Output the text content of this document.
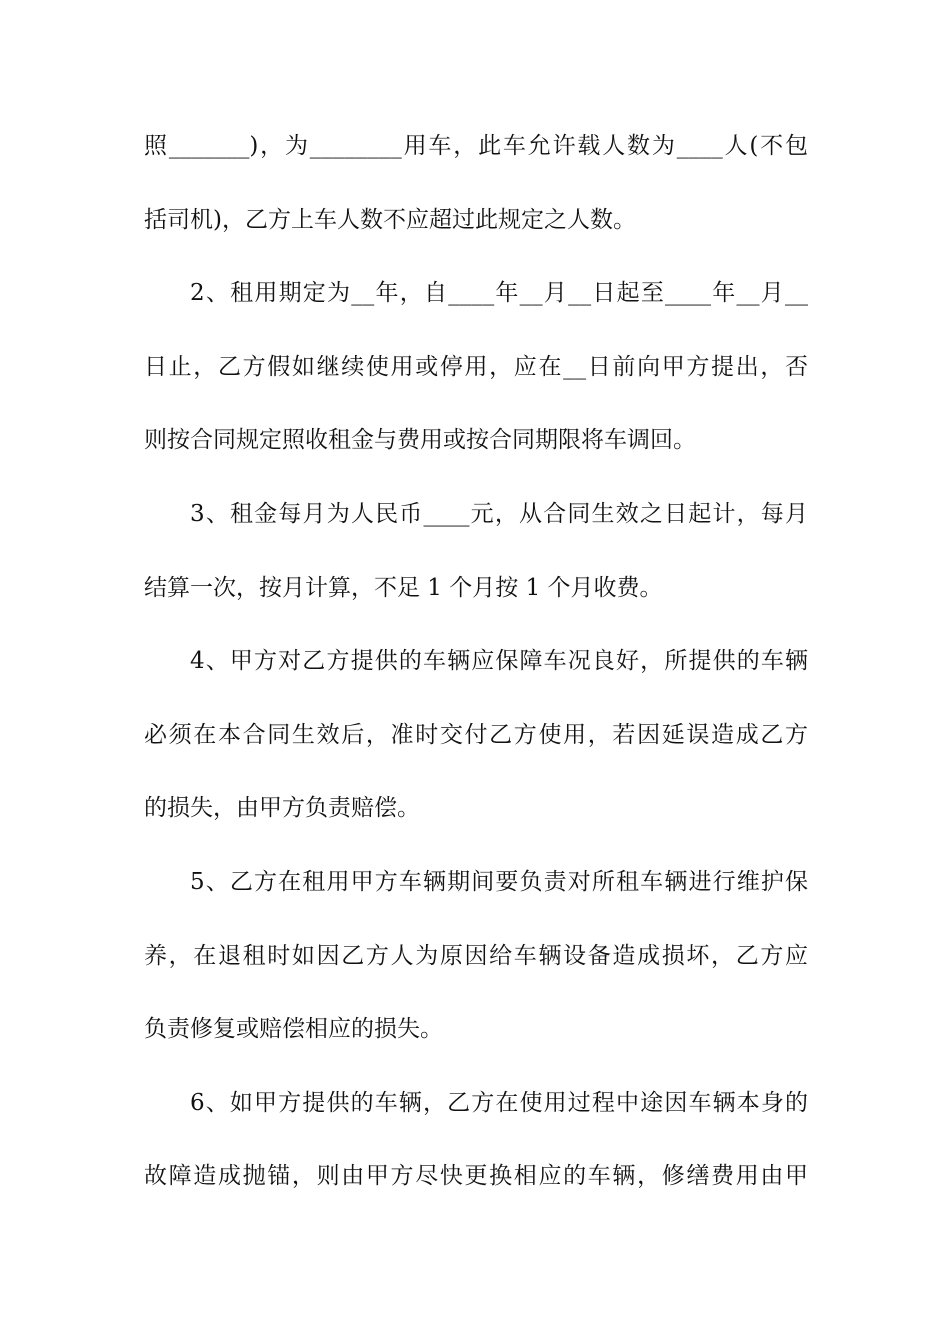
照_______)，为________用车，此车允许载人数为____人(不包
括司机)，乙方上车人数不应超过此规定之人数。
2、租用期定为__年，自____年__月__日起至____年__月__
日止，乙方假如继续使用或停用，应在__日前向甲方提出，否
则按合同规定照收租金与费用或按合同期限将车调回。
3、租金每月为人民币____元，从合同生效之日起计，每月
结算一次，按月计算，不足 1 个月按 1 个月收费。
4、甲方对乙方提供的车辆应保障车况良好，所提供的车辆
必须在本合同生效后，准时交付乙方使用，若因延误造成乙方
的损失，由甲方负责赔偿。
5、乙方在租用甲方车辆期间要负责对所租车辆进行维护保
养，在退租时如因乙方人为原因给车辆设备造成损坏，乙方应
负责修复或赔偿相应的损失。
6、如甲方提供的车辆，乙方在使用过程中途因车辆本身的
故障造成抛锚，则由甲方尽快更换相应的车辆，修缮费用由甲
